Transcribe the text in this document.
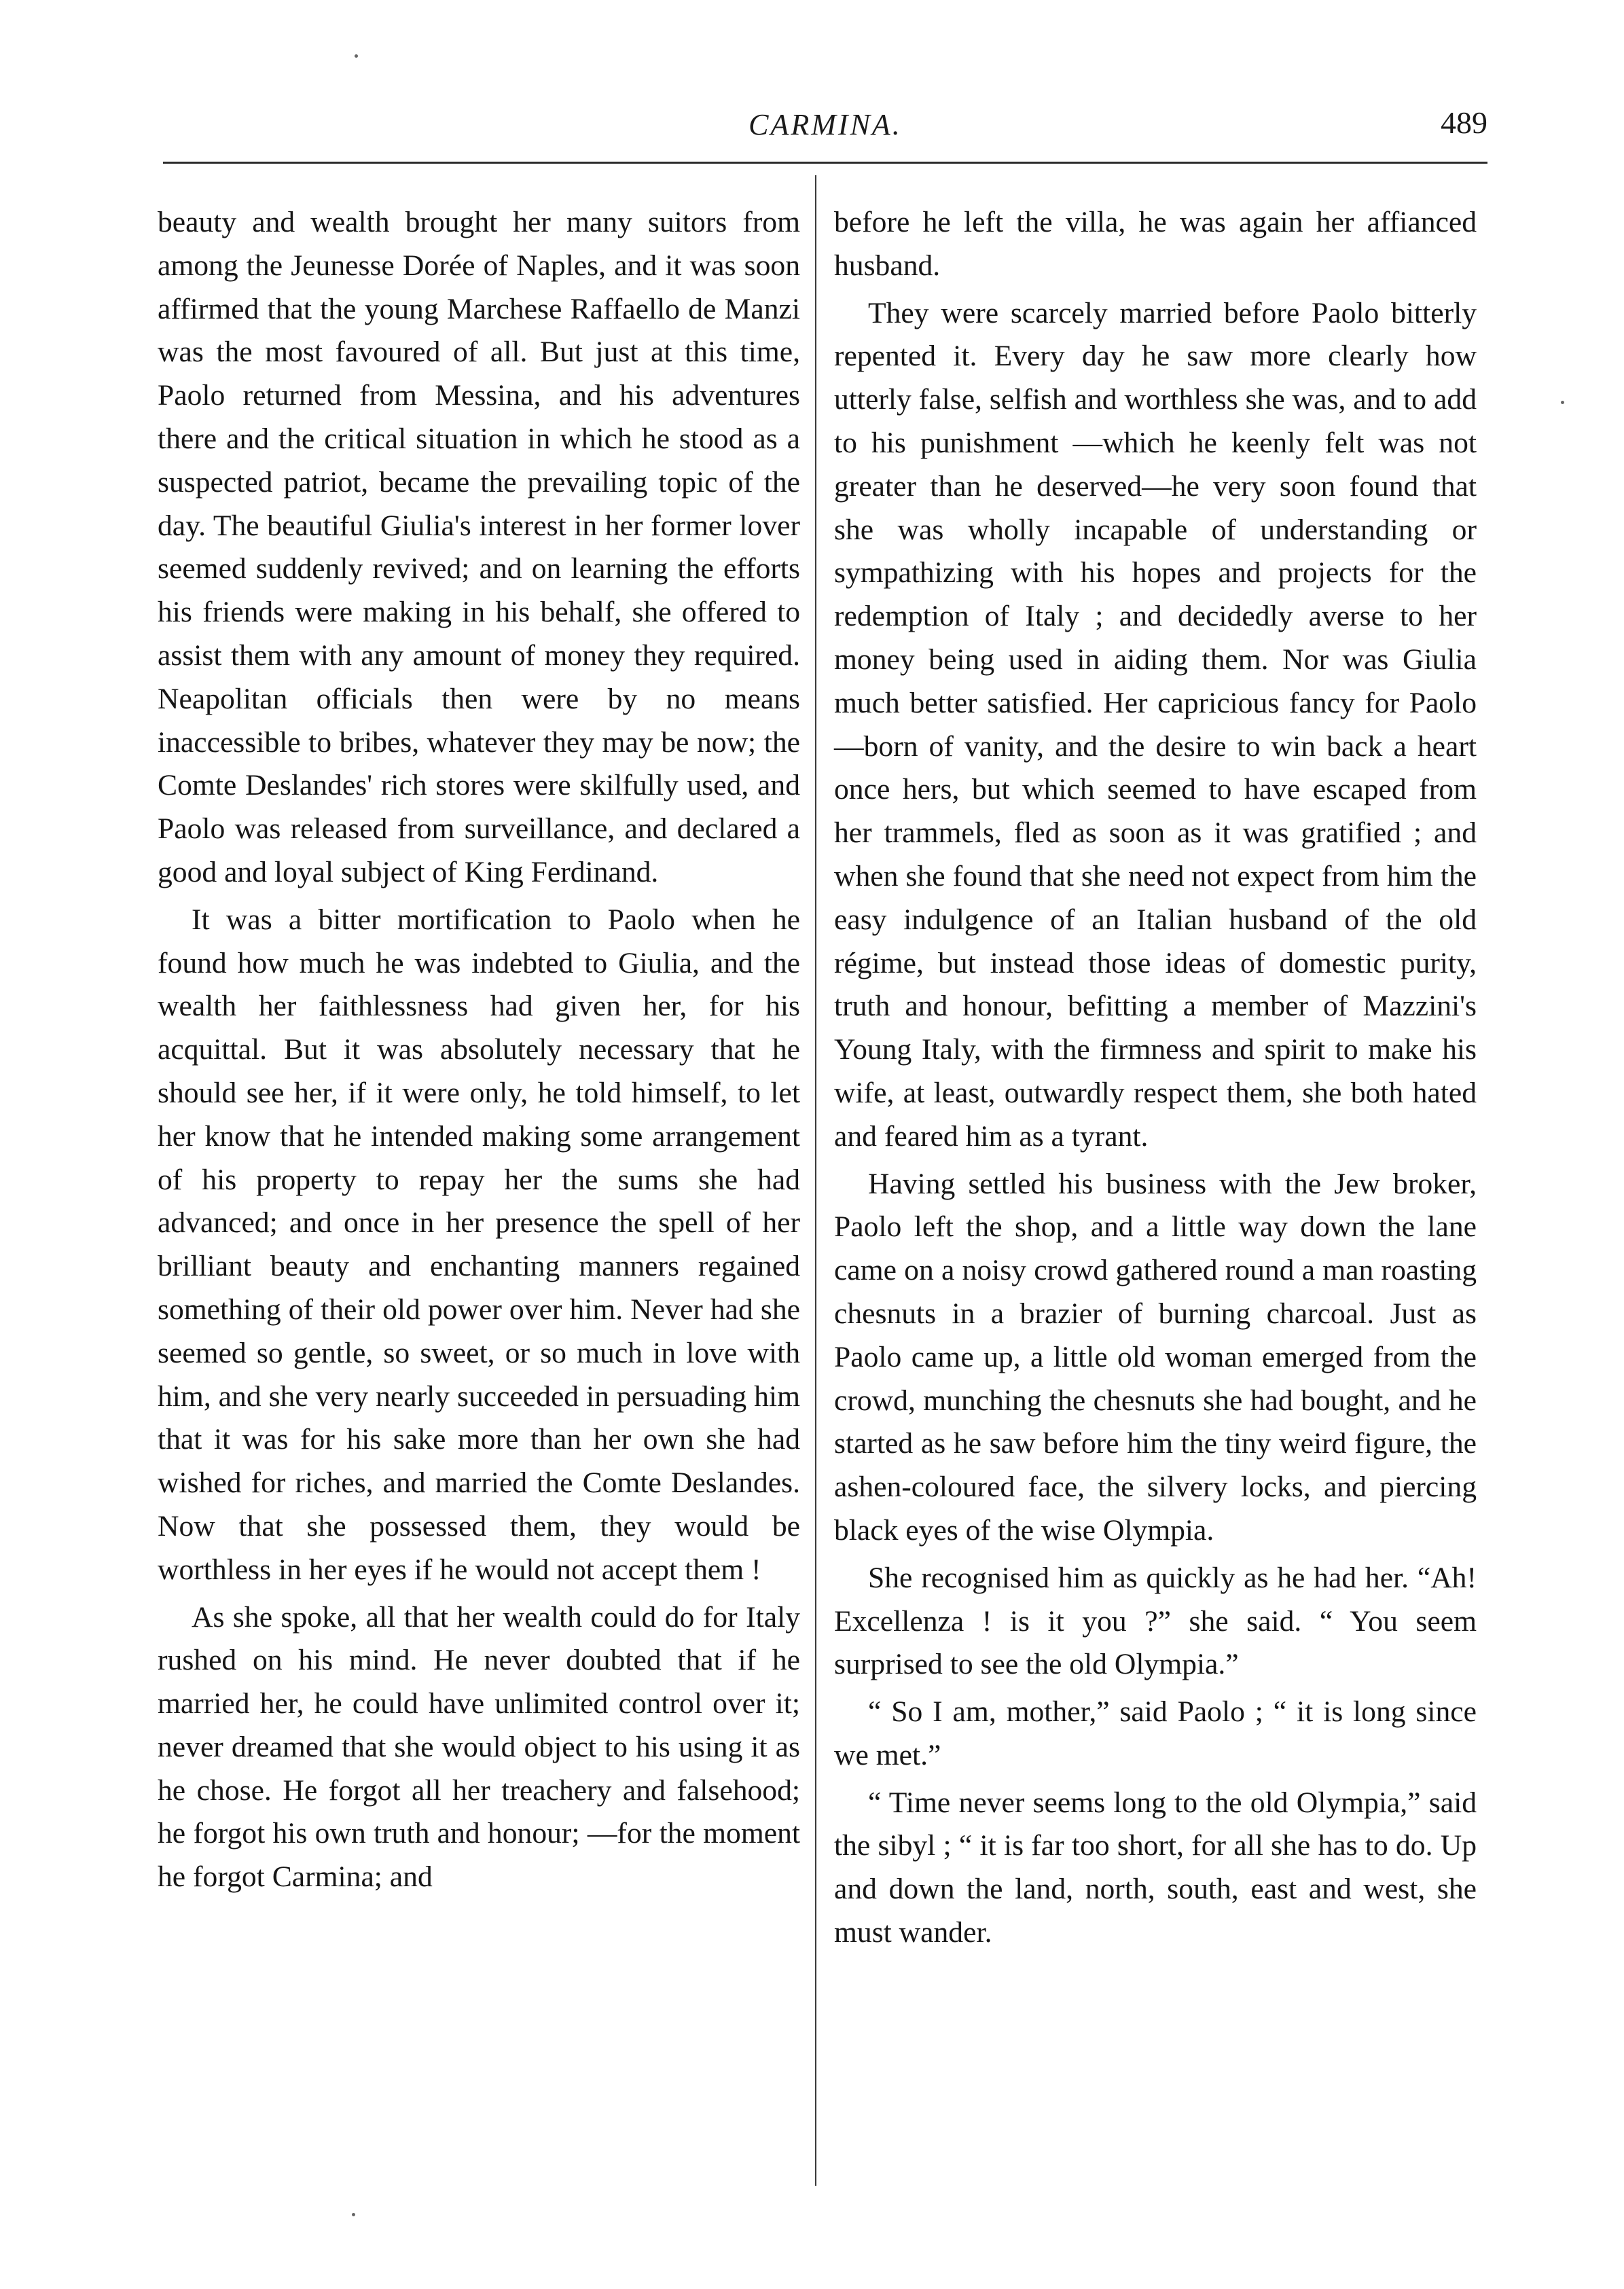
CARMINA.	489

beauty and wealth brought her many suitors from among the Jeunesse Dorée of Naples, and it was soon affirmed that the young Marchese Raffaello de Manzi was the most favoured of all. But just at this time, Paolo returned from Messina, and his adventures there and the critical situation in which he stood as a suspected patriot, became the prevailing topic of the day. The beautiful Giulia's interest in her former lover seemed suddenly revived; and on learning the efforts his friends were making in his behalf, she offered to assist them with any amount of money they required. Neapolitan officials then were by no means inaccessible to bribes, whatever they may be now; the Comte Deslandes' rich stores were skilfully used, and Paolo was released from surveillance, and declared a good and loyal subject of King Ferdinand.

It was a bitter mortification to Paolo when he found how much he was indebted to Giulia, and the wealth her faithlessness had given her, for his acquittal. But it was absolutely necessary that he should see her, if it were only, he told himself, to let her know that he intended making some arrangement of his property to repay her the sums she had advanced; and once in her presence the spell of her brilliant beauty and enchanting manners regained something of their old power over him. Never had she seemed so gentle, so sweet, or so much in love with him, and she very nearly succeeded in persuading him that it was for his sake more than her own she had wished for riches, and married the Comte Deslandes. Now that she possessed them, they would be worthless in her eyes if he would not accept them !

As she spoke, all that her wealth could do for Italy rushed on his mind. He never doubted that if he married her, he could have unlimited control over it; never dreamed that she would object to his using it as he chose. He forgot all her treachery and falsehood; he forgot his own truth and honour; —for the moment he forgot Carmina; and

before he left the villa, he was again her affianced husband.

They were scarcely married before Paolo bitterly repented it. Every day he saw more clearly how utterly false, selfish and worthless she was, and to add to his punishment —which he keenly felt was not greater than he deserved—he very soon found that she was wholly incapable of understanding or sympathizing with his hopes and projects for the redemption of Italy ; and decidedly averse to her money being used in aiding them. Nor was Giulia much better satisfied. Her capricious fancy for Paolo—born of vanity, and the desire to win back a heart once hers, but which seemed to have escaped from her trammels, fled as soon as it was gratified ; and when she found that she need not expect from him the easy indulgence of an Italian husband of the old régime, but instead those ideas of domestic purity, truth and honour, befitting a member of Mazzini's Young Italy, with the firmness and spirit to make his wife, at least, outwardly respect them, she both hated and feared him as a tyrant.

Having settled his business with the Jew broker, Paolo left the shop, and a little way down the lane came on a noisy crowd gathered round a man roasting chesnuts in a brazier of burning charcoal. Just as Paolo came up, a little old woman emerged from the crowd, munching the chesnuts she had bought, and he started as he saw before him the tiny weird figure, the ashen-coloured face, the silvery locks, and piercing black eyes of the wise Olympia.

She recognised him as quickly as he had her. “Ah! Excellenza ! is it you ?” she said. “ You seem surprised to see the old Olympia.”

“ So I am, mother,” said Paolo ; “ it is long since we met.”

“ Time never seems long to the old Olympia,” said the sibyl ; “ it is far too short, for all she has to do. Up and down the land, north, south, east and west, she must wander.
